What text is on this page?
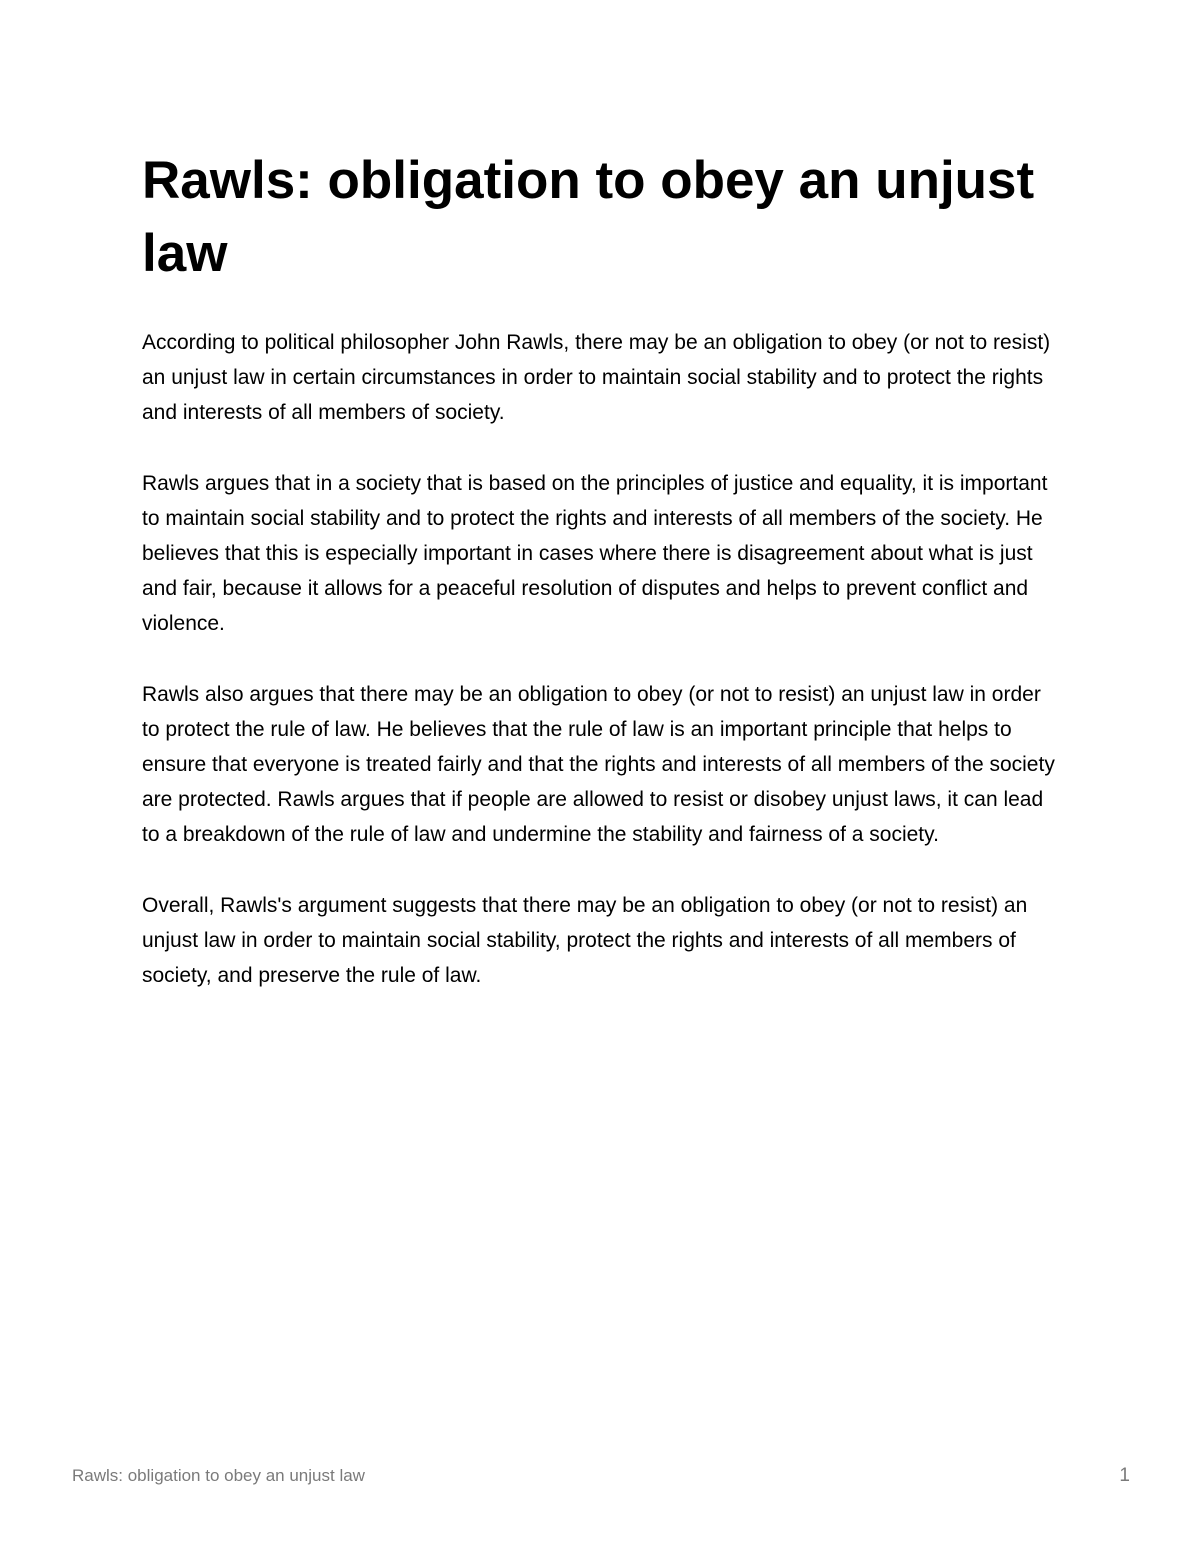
Rawls: obligation to obey an unjust law

According to political philosopher John Rawls, there may be an obligation to obey (or not to resist) an unjust law in certain circumstances in order to maintain social stability and to protect the rights and interests of all members of society.

Rawls argues that in a society that is based on the principles of justice and equality, it is important to maintain social stability and to protect the rights and interests of all members of the society. He believes that this is especially important in cases where there is disagreement about what is just and fair, because it allows for a peaceful resolution of disputes and helps to prevent conflict and violence.

Rawls also argues that there may be an obligation to obey (or not to resist) an unjust law in order to protect the rule of law. He believes that the rule of law is an important principle that helps to ensure that everyone is treated fairly and that the rights and interests of all members of the society are protected. Rawls argues that if people are allowed to resist or disobey unjust laws, it can lead to a breakdown of the rule of law and undermine the stability and fairness of a society.

Overall, Rawls's argument suggests that there may be an obligation to obey (or not to resist) an unjust law in order to maintain social stability, protect the rights and interests of all members of society, and preserve the rule of law.

Rawls: obligation to obey an unjust law	1
